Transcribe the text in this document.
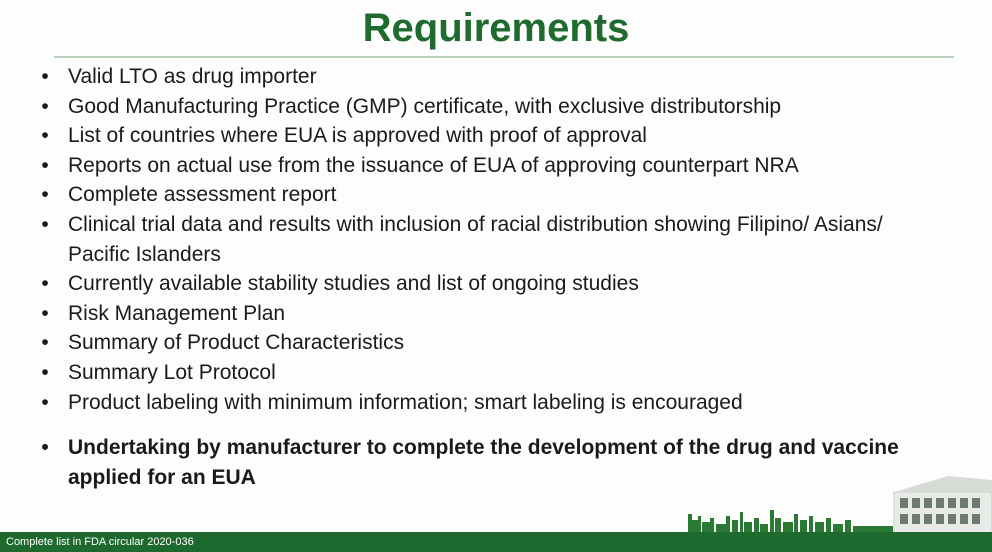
Requirements
• Valid LTO as drug importer
• Good Manufacturing Practice (GMP) certificate, with exclusive distributorship
• List of countries where EUA is approved with proof of approval
• Reports on actual use from the issuance of EUA of approving counterpart NRA
• Complete assessment report
• Clinical trial data and results with inclusion of racial distribution showing Filipino/ Asians/ Pacific Islanders
• Currently available stability studies and list of ongoing studies
• Risk Management Plan
• Summary of Product Characteristics
• Summary Lot Protocol
• Product labeling with minimum information; smart labeling is encouraged
• Undertaking by manufacturer to complete the development of the drug and vaccine applied for an EUA
Complete list in FDA circular 2020-036
